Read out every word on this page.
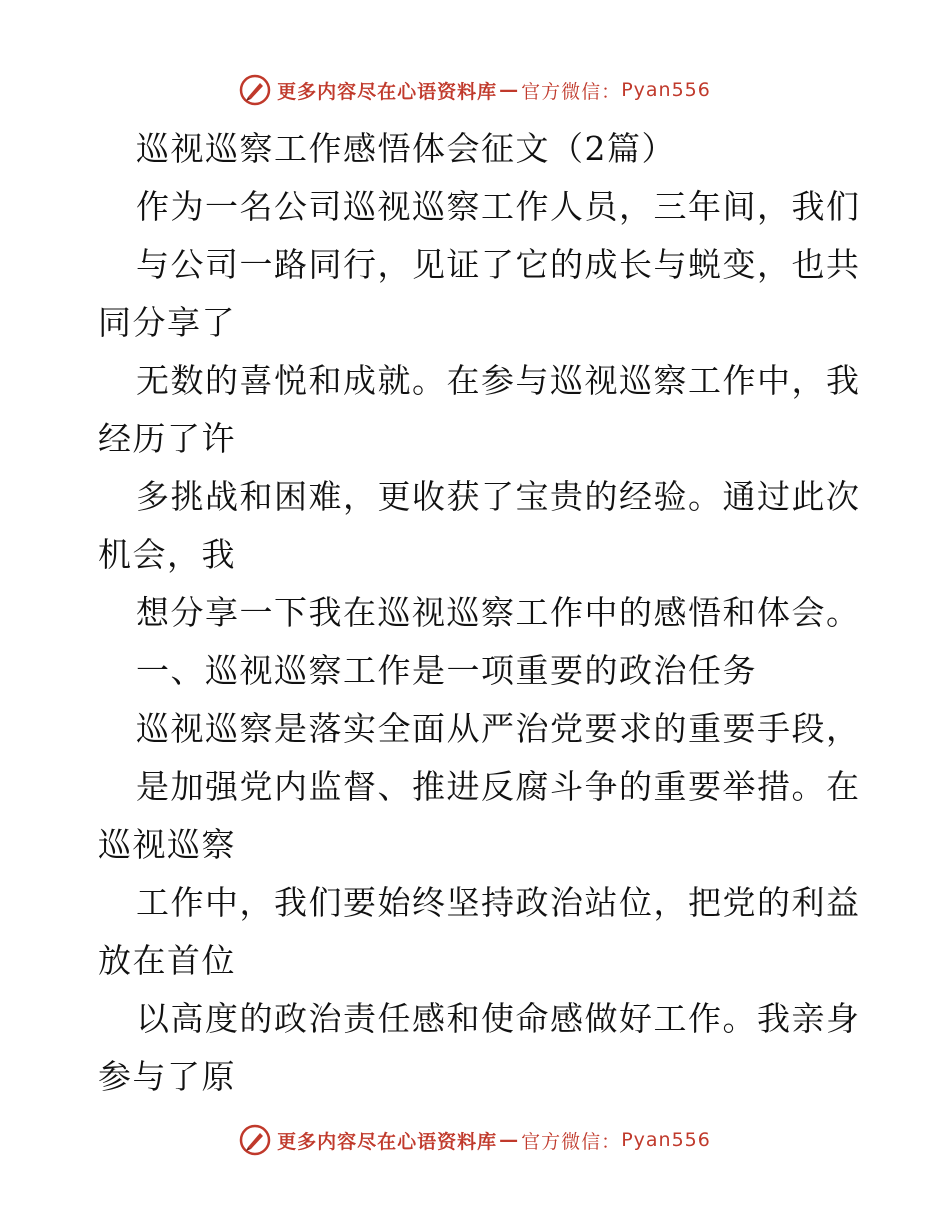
更多内容尽在心语资料库 — 官方微信： Pyan556
巡视巡察工作感悟体会征文（2篇）
作为一名公司巡视巡察工作人员，三年间，我们
与公司一路同行，见证了它的成长与蜕变，也共
同分享了
无数的喜悦和成就。在参与巡视巡察工作中，我
经历了许
多挑战和困难，更收获了宝贵的经验。通过此次
机会，我
想分享一下我在巡视巡察工作中的感悟和体会。
一、巡视巡察工作是一项重要的政治任务
巡视巡察是落实全面从严治党要求的重要手段，
是加强党内监督、推进反腐斗争的重要举措。在
巡视巡察
工作中，我们要始终坚持政治站位，把党的利益
放在首位
以高度的政治责任感和使命感做好工作。我亲身
参与了原
更多内容尽在心语资料库 — 官方微信： Pyan556
